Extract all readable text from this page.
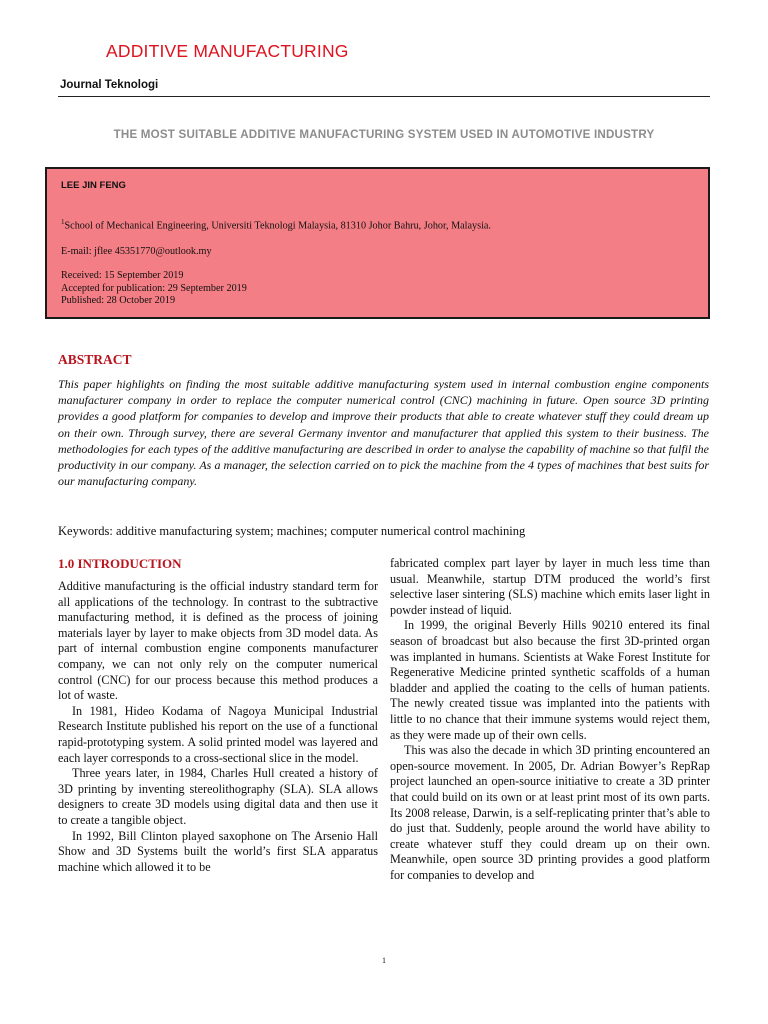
ADDITIVE MANUFACTURING
Journal Teknologi
THE MOST SUITABLE ADDITIVE MANUFACTURING SYSTEM USED IN AUTOMOTIVE INDUSTRY
LEE JIN FENG
$^1$School of Mechanical Engineering, Universiti Teknologi Malaysia, 81310 Johor Bahru, Johor, Malaysia.
E-mail: jflee 45351770@outlook.my
Received: 15 September 2019
Accepted for publication: 29 September 2019
Published: 28 October 2019
ABSTRACT

This paper highlights on finding the most suitable additive manufacturing system used in internal combustion engine components manufacturer company in order to replace the computer numerical control (CNC) machining in future. Open source 3D printing provides a good platform for companies to develop and improve their products that able to create whatever stuff they could dream up on their own. Through survey, there are several Germany inventor and manufacturer that applied this system to their business. The methodologies for each types of the additive manufacturing are described in order to analyse the capability of machine so that fulfil the productivity in our company. As a manager, the selection carried on to pick the machine from the 4 types of machines that best suits for our manufacturing company.

Keywords: additive manufacturing system; machines; computer numerical control machining
1.0 INTRODUCTION

Additive manufacturing is the official industry standard term for all applications of the technology. In contrast to the subtractive manufacturing method, it is defined as the process of joining materials layer by layer to make objects from 3D model data. As part of internal combustion engine components manufacturer company, we can not only rely on the computer numerical control (CNC) for our process because this method produces a lot of waste.

In 1981, Hideo Kodama of Nagoya Municipal Industrial Research Institute published his report on the use of a functional rapid-prototyping system. A solid printed model was layered and each layer corresponds to a cross-sectional slice in the model.

Three years later, in 1984, Charles Hull created a history of 3D printing by inventing stereolithography (SLA). SLA allows designers to create 3D models using digital data and then use it to create a tangible object.

In 1992, Bill Clinton played saxophone on The Arsenio Hall Show and 3D Systems built the world’s first SLA apparatus machine which allowed it to be

fabricated complex part layer by layer in much less time than usual. Meanwhile, startup DTM produced the world’s first selective laser sintering (SLS) machine which emits laser light in powder instead of liquid.

In 1999, the original Beverly Hills 90210 entered its final season of broadcast but also because the first 3D-printed organ was implanted in humans. Scientists at Wake Forest Institute for Regenerative Medicine printed synthetic scaffolds of a human bladder and applied the coating to the cells of human patients. The newly created tissue was implanted into the patients with little to no chance that their immune systems would reject them, as they were made up of their own cells.

This was also the decade in which 3D printing encountered an open-source movement. In 2005, Dr. Adrian Bowyer’s RepRap project launched an open-source initiative to create a 3D printer that could build on its own or at least print most of its own parts. Its 2008 release, Darwin, is a self-replicating printer that’s able to do just that. Suddenly, people around the world have ability to create whatever stuff they could dream up on their own. Meanwhile, open source 3D printing provides a good platform for companies to develop and

1
